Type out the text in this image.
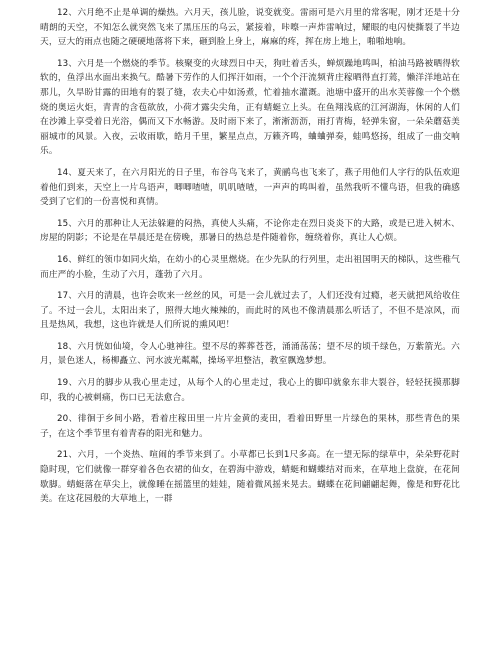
12、六月绝不止是单调的燥热。六月天，孩儿脸，说变就变。雷雨可是六月里的常客呢，刚才还是十分晴朗的天空，不知怎么就突然飞来了黑压压的乌云，紧接着，咔嚓一声炸雷响过，耀眼的电闪使撕裂了半边天，豆大的雨点也随之硬硬地落将下来，砸到脸上身上，麻麻的疼，挥在房上地上，啪啪地响。

13、六月是一个燃烧的季节。核聚变的火球烈日中天，狗吐着舌头，蝉烦躁地鸣叫，柏油马路被晒得软软的，鱼浮出水面出来换气。酷暑下劳作的人们挥汗如雨，一个个汗流频背庄稼晒得直打蔫，懒洋洋地站在那儿，久旱盼甘露的田地有的裂了缝，农夫心中如汤煮，忙着抽水灌溉。池塘中盛开的出水芙蓉像一个个燃烧的奥运火炬，青青的含苞欲放，小荷才露尖尖角，正有蜻蜓立上头。在鱼翔浅底的江河湖海，休闲的人们在沙滩上享受着日光浴，偶而又下水畅游。及时雨下来了，淅淅沥沥，雨打青梅，轻弹朱窗，一朵朵蘑菇美丽城市的风景。入夜，云收雨歇，皓月千里，繁星点点，万籁齐鸣，蛐蛐弹奏，蛙鸣悠扬，组成了一曲交响乐。

14、夏天来了，在六月阳光的日子里，布谷鸟飞来了，黄鹂鸟也飞来了，燕子用他们人字行的队伍欢迎着他们到来，天空上一片鸟语声，唧唧喳喳，叽叽喳喳，一声声的鸣叫着，虽然我听不懂鸟语，但我的确感受到了它们的一份喜悦和真情。

15、六月的那种让人无法躲避的闷热，真使人头痛，不论你走在烈日炎炎下的大路，或是已进入树木、房屋的阴影；不论是在旱晨还是在傍晚，那暑日的热总是件随着你，缠绕着你，真让人心烦。

16、鲜红的领巾如同火焰，在幼小的心灵里燃烧。在少先队的行列里，走出祖国明天的梯队，这些稚气而庄严的小脸，生动了六月，蓬勃了六月。

17、六月的清晨，也许会吹来一丝丝的风，可是一会儿就过去了，人们还没有过瘾，老天就把风给收住了。不过一会儿，太阳出来了，照得大地火辣辣的，而此时的风也不像清晨那么听话了，不但不是凉风，而且是热风，我想，这也许就是人们所说的熏风吧！

18、六月恍如仙境，令人心驰神往。望不尽的葬葬苍苍，涌涌荡荡；望不尽的顷千绿色，万紫箭光。六月，景色迷人，杨柳矗立、河水波光粼粼，操场平坦整洁，教室飘逸梦想。

19、六月的脚步从我心里走过，从每个人的心里走过，我心上的脚印就象东非大裂谷，轻轻抚摸那脚印，我的心被刺痛，伤口已无法愈合。

20、徘徊于乡间小路，看着庄稼田里一片片金黄的麦田，看着田野里一片绿色的果林，那些青色的果子，在这个季节里有着青春的阳光和魅力。

21、六月，一个炎热、喧闹的季节来到了。小草都已长到1尺多高。在一望无际的绿草中，朵朵野花时隐时现，它们就像一群穿着各色衣裙的仙女，在碧海中游戏，蜻蜓和蝴蝶结对而来，在草地上盘旋，在花间歇脚。蜻蜓落在草尖上，就像睡在摇篮里的娃娃，随着微风摇来晃去。蝴蝶在花间翩翩起舞，像是和野花比美。在这花园般的大草地上，一群
